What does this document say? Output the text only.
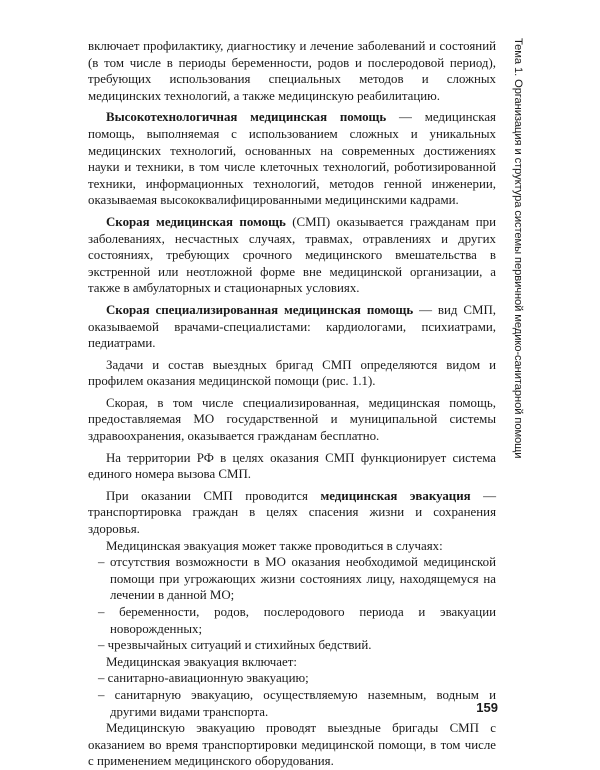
включает профилактику, диагностику и лечение заболеваний и состояний (в том числе в периоды беременности, родов и послеродовой период), требующих использования специальных методов и сложных медицинских технологий, а также медицинскую реабилитацию.

Высокотехнологичная медицинская помощь — медицинская помощь, выполняемая с использованием сложных и уникальных медицинских технологий, основанных на современных достижениях науки и техники, в том числе клеточных технологий, роботизированной техники, информационных технологий, методов генной инженерии, оказываемая высококвалифицированными медицинскими кадрами.

Скорая медицинская помощь (СМП) оказывается гражданам при заболеваниях, несчастных случаях, травмах, отравлениях и других состояниях, требующих срочного медицинского вмешательства в экстренной или неотложной форме вне медицинской организации, а также в амбулаторных и стационарных условиях.

Скорая специализированная медицинская помощь — вид СМП, оказываемой врачами-специалистами: кардиологами, психиатрами, педиатрами.

Задачи и состав выездных бригад СМП определяются видом и профилем оказания медицинской помощи (рис. 1.1).

Скорая, в том числе специализированная, медицинская помощь, предоставляемая МО государственной и муниципальной системы здравоохранения, оказывается гражданам бесплатно.

На территории РФ в целях оказания СМП функционирует система единого номера вызова СМП.

При оказании СМП проводится медицинская эвакуация — транспортировка граждан в целях спасения жизни и сохранения здоровья.

Медицинская эвакуация может также проводиться в случаях:

– отсутствия возможности в МО оказания необходимой медицинской помощи при угрожающих жизни состояниях лицу, находящемуся на лечении в данной МО;
– беременности, родов, послеродового периода и эвакуации новорожденных;
– чрезвычайных ситуаций и стихийных бедствий.

Медицинская эвакуация включает:

– санитарно-авиационную эвакуацию;
– санитарную эвакуацию, осуществляемую наземным, водным и другими видами транспорта.

Медицинскую эвакуацию проводят выездные бригады СМП с оказанием во время транспортировки медицинской помощи, в том числе с применением медицинского оборудования.

Тема 1. Организация и структура системы первичной медико-санитарной помощи
159
